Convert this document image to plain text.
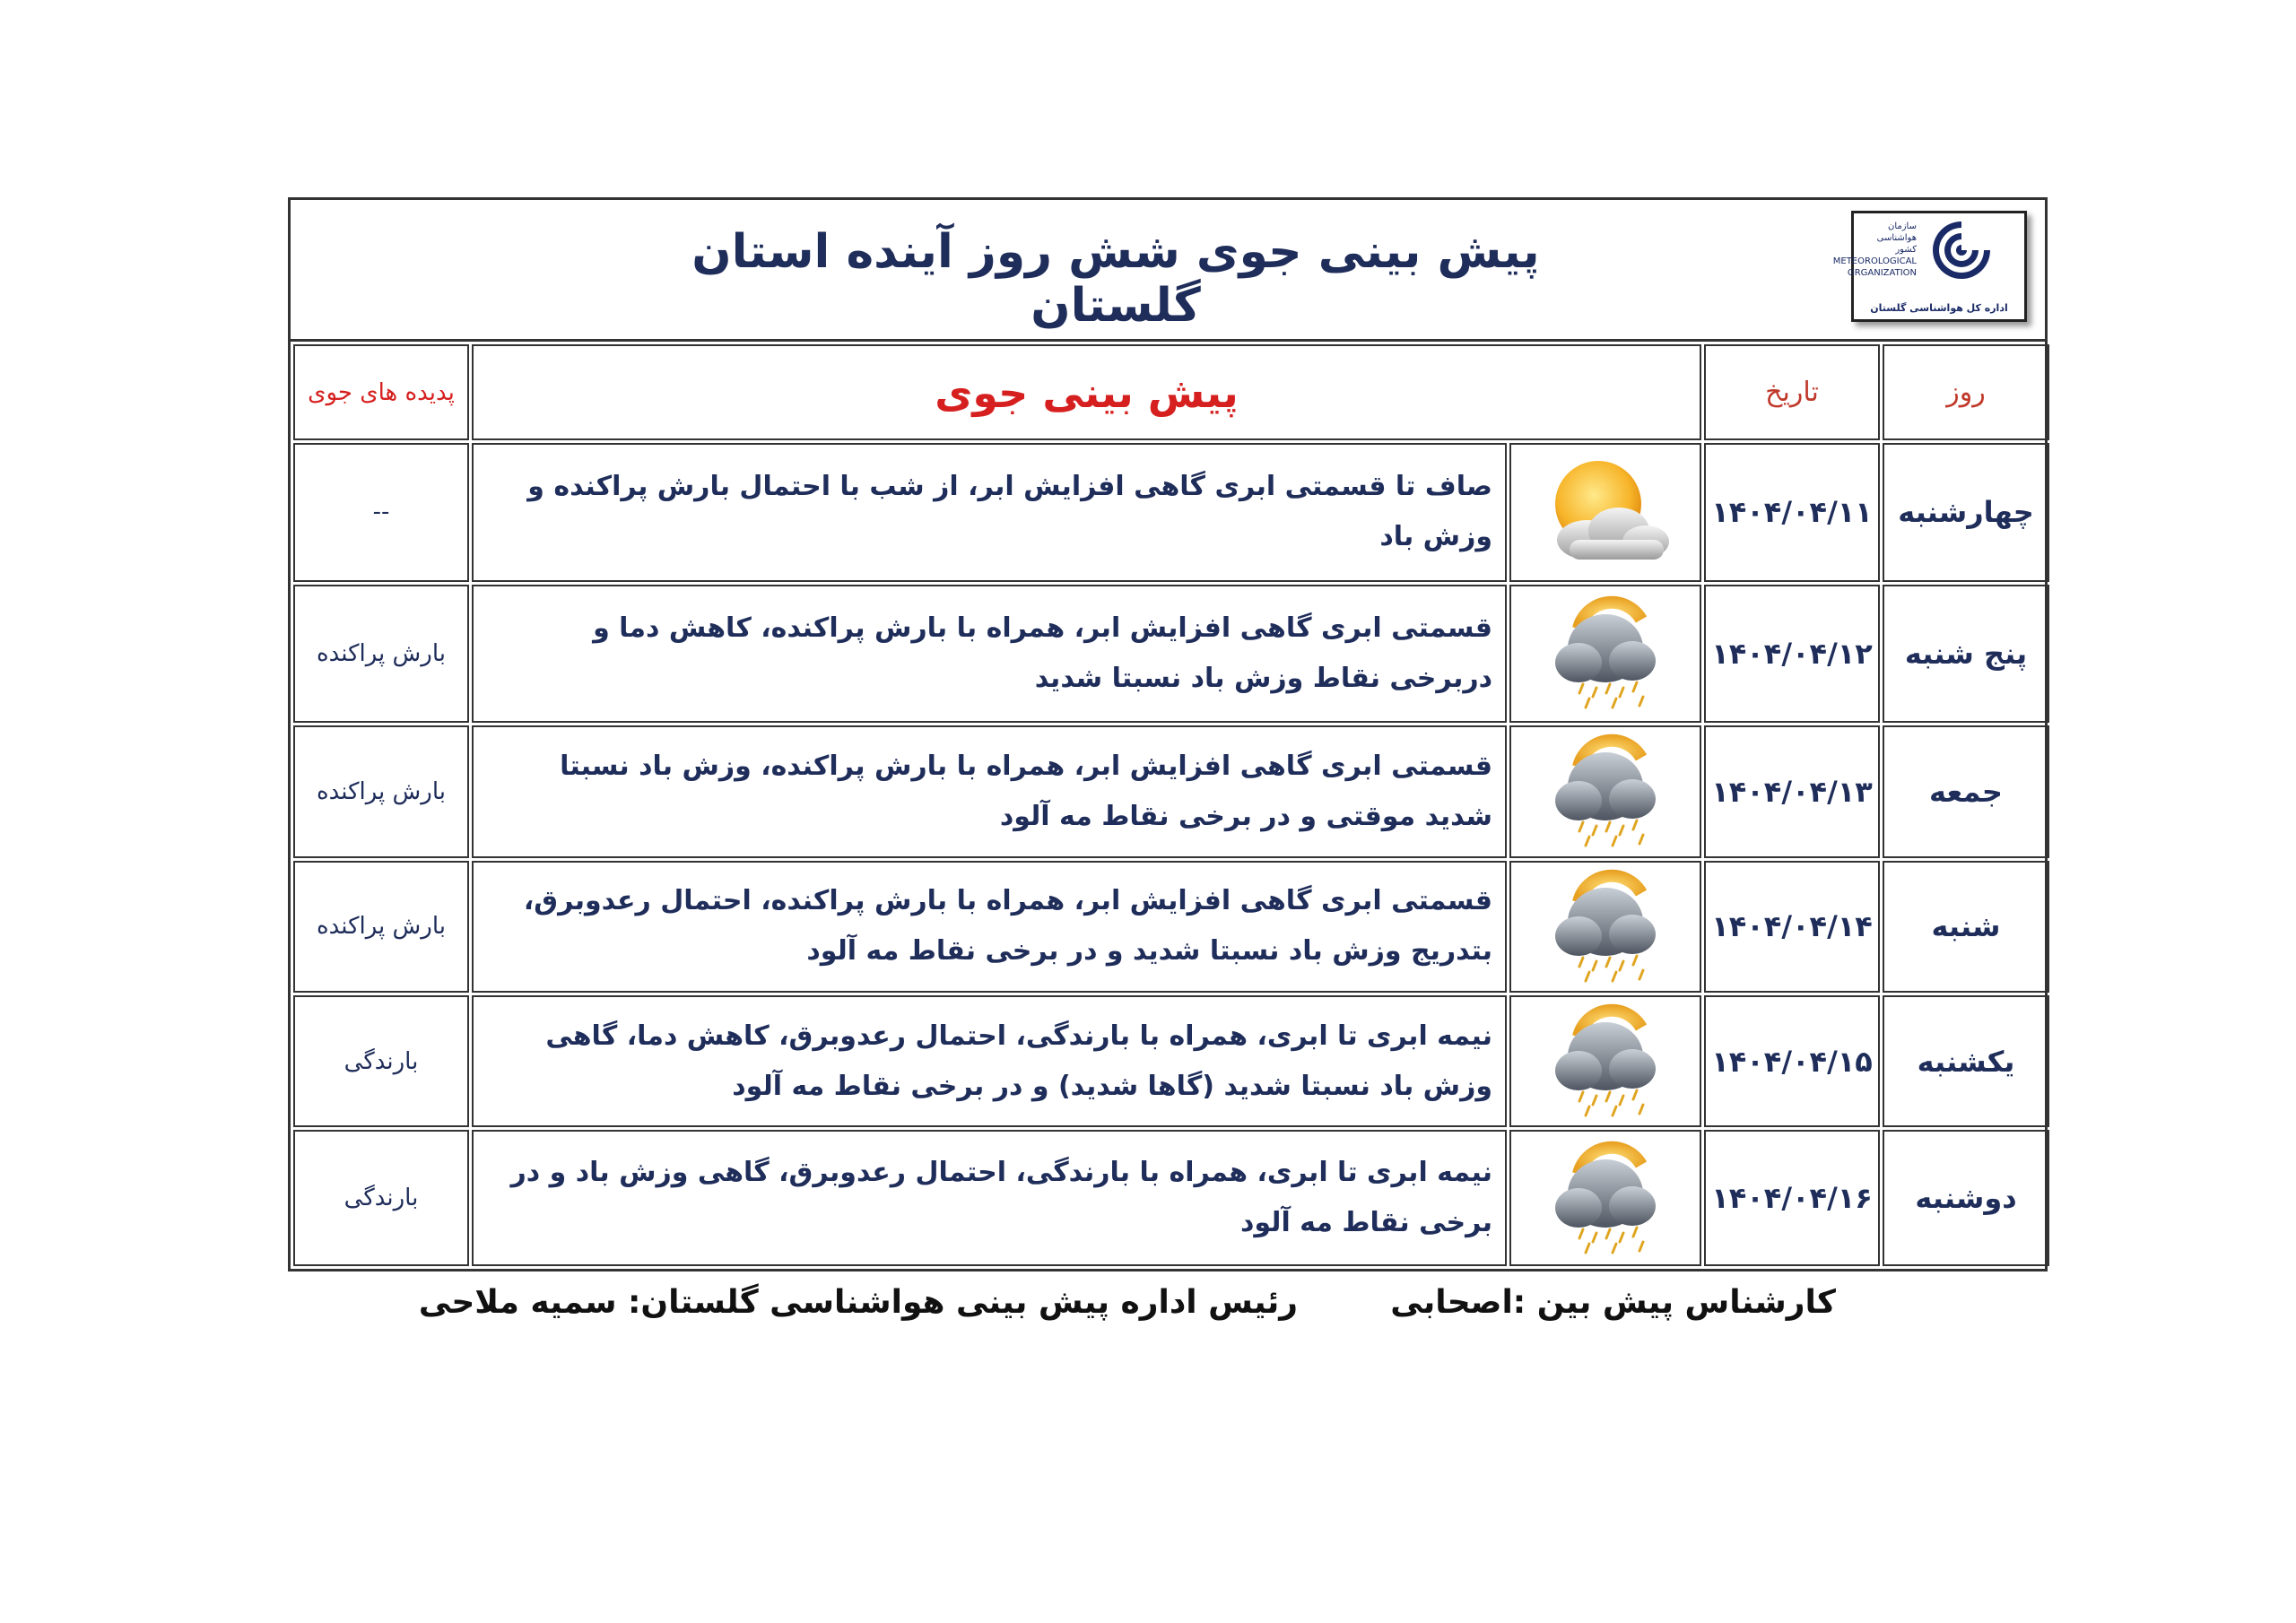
پیش بینی جوی شش روز آینده استان گلستان
سازمان هواشناسی کشور METEOROLOGICAL ORGANIZATION
اداره کل هواشناسی گلستان
روز	تاریخ	پیش بینی جوی		پدیده های جوی
چهارشنبه	۱۴۰۴/۰۴/۱۱		صاف تا قسمتی ابری گاهی افزایش ابر، از شب با احتمال بارش پراکنده و وزش باد	--
پنج شنبه	۱۴۰۴/۰۴/۱۲		قسمتی ابری گاهی افزایش ابر، همراه با بارش پراکنده، کاهش دما و دربرخی نقاط وزش باد نسبتا شدید	بارش پراکنده
جمعه	۱۴۰۴/۰۴/۱۳		قسمتی ابری گاهی افزایش ابر، همراه با بارش پراکنده، وزش باد نسبتا شدید موقتی و در برخی نقاط مه آلود	بارش پراکنده
شنبه	۱۴۰۴/۰۴/۱۴		قسمتی ابری گاهی افزایش ابر، همراه با بارش پراکنده، احتمال رعدوبرق، بتدریج وزش باد نسبتا شدید و در برخی نقاط مه آلود	بارش پراکنده
یکشنبه	۱۴۰۴/۰۴/۱۵		نیمه ابری تا ابری، همراه با بارندگی، احتمال رعدوبرق، کاهش دما، گاهی وزش باد نسبتا شدید (گاها شدید) و در برخی نقاط مه آلود	بارندگی
دوشنبه	۱۴۰۴/۰۴/۱۶		نیمه ابری تا ابری، همراه با بارندگی، احتمال رعدوبرق، گاهی وزش باد و در برخی نقاط مه آلود	بارندگی
کارشناس پیش بین :اصحابی
رئیس اداره پیش بینی هواشناسی گلستان: سمیه ملاحی
